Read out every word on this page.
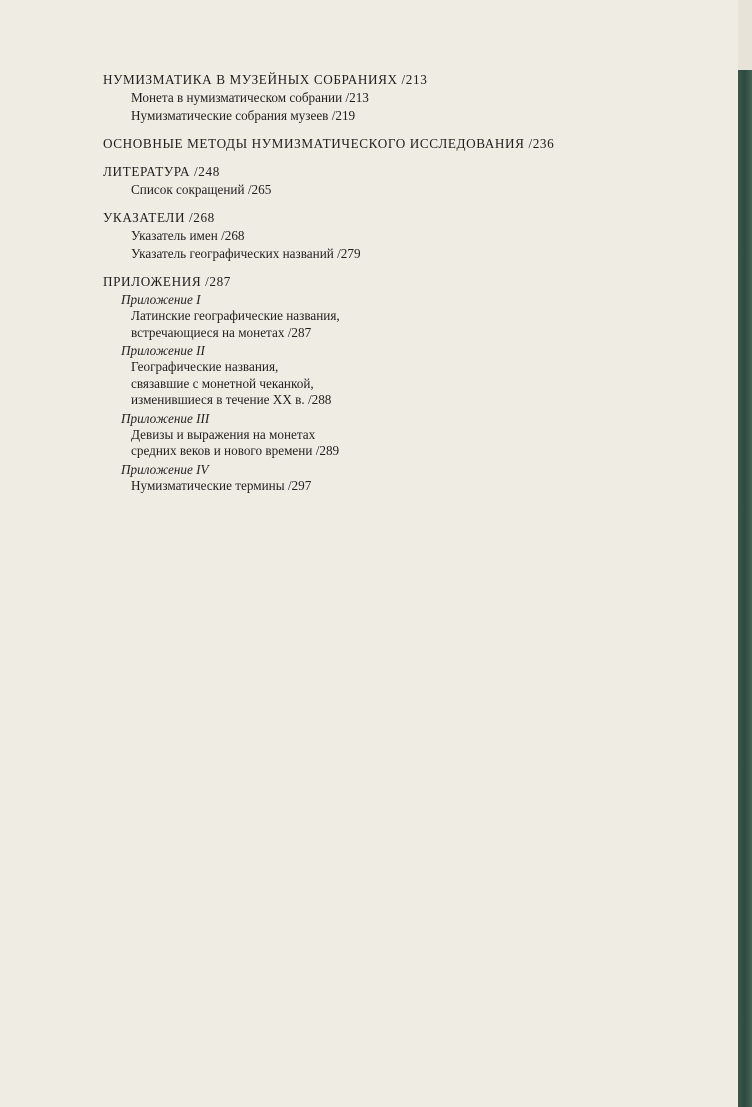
НУМИЗМАТИКА В МУЗЕЙНЫХ СОБРАНИЯХ /213
Монета в нумизматическом собрании /213
Нумизматические собрания музеев /219
ОСНОВНЫЕ МЕТОДЫ НУМИЗМАТИЧЕСКОГО ИССЛЕДОВАНИЯ /236
ЛИТЕРАТУРА /248
Список сокращений /265
УКАЗАТЕЛИ /268
Указатель имен /268
Указатель географических названий /279
ПРИЛОЖЕНИЯ /287
Приложение I
Латинские географические названия,
встречающиеся на монетах /287
Приложение II
Географические названия,
связавшие с монетной чеканкой,
изменившиеся в течение XX в. /288
Приложение III
Девизы и выражения на монетах
средних веков и нового времени /289
Приложение IV
Нумизматические термины /297
